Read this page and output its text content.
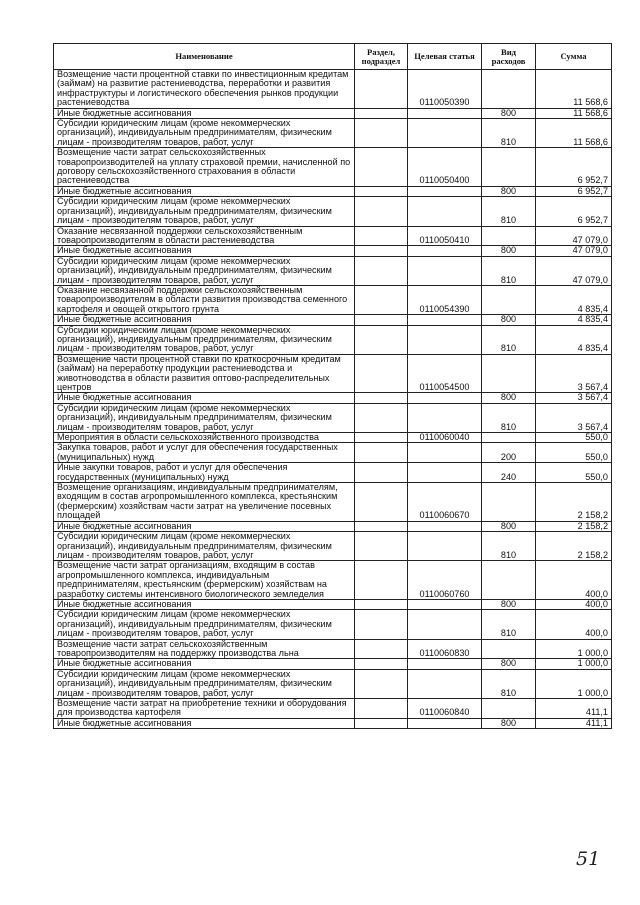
Наименование	Раздел, подраздел	Целевая статья	Вид расходов	Сумма
Возмещение части процентной ставки по инвестиционным кредитам (займам) на развитие растениеводства, переработки и развития инфраструктуры и логистического обеспечения рынков продукции растениеводства		0110050390		11 568,6
Иные бюджетные ассигнования			800	11 568,6
Субсидии юридическим лицам (кроме некоммерческих организаций), индивидуальным предпринимателям, физическим лицам - производителям товаров, работ, услуг			810	11 568,6
Возмещение части затрат сельскохозяйственных товаропроизводителей на уплату страховой премии, начисленной по договору сельскохозяйственного страхования в области растениеводства		0110050400		6 952,7
Иные бюджетные ассигнования			800	6 952,7
Субсидии юридическим лицам (кроме некоммерческих организаций), индивидуальным предпринимателям, физическим лицам - производителям товаров, работ, услуг			810	6 952,7
Оказание несвязанной поддержки сельскохозяйственным товаропроизводителям в области растениеводства		0110050410		47 079,0
Иные бюджетные ассигнования			800	47 079,0
Субсидии юридическим лицам (кроме некоммерческих организаций), индивидуальным предпринимателям, физическим лицам - производителям товаров, работ, услуг			810	47 079,0
Оказание несвязанной поддержки сельскохозяйственным товаропроизводителям в области развития производства семенного картофеля и овощей открытого грунта		0110054390		4 835,4
Иные бюджетные ассигнования			800	4 835,4
Субсидии юридическим лицам (кроме некоммерческих организаций), индивидуальным предпринимателям, физическим лицам - производителям товаров, работ, услуг			810	4 835,4
Возмещение части процентной ставки по краткосрочным кредитам (займам) на переработку продукции растениеводства и животноводства в области развития оптово-распределительных центров		0110054500		3 567,4
Иные бюджетные ассигнования			800	3 567,4
Субсидии юридическим лицам (кроме некоммерческих организаций), индивидуальным предпринимателям, физическим лицам - производителям товаров, работ, услуг			810	3 567,4
Мероприятия в области сельскохозяйственного производства		0110060040		550,0
Закупка товаров, работ и услуг для обеспечения государственных (муниципальных) нужд			200	550,0
Иные закупки товаров, работ и услуг для обеспечения государственных (муниципальных) нужд			240	550,0
Возмещение организациям, индивидуальным предпринимателям, входящим в состав агропромышленного комплекса, крестьянским (фермерским) хозяйствам части затрат на увеличение посевных площадей		0110060670		2 158,2
Иные бюджетные ассигнования			800	2 158,2
Субсидии юридическим лицам (кроме некоммерческих организаций), индивидуальным предпринимателям, физическим лицам - производителям товаров, работ, услуг			810	2 158,2
Возмещение части затрат организациям, входящим в состав агропромышленного комплекса, индивидуальным предпринимателям, крестьянским (фермерским) хозяйствам на разработку системы интенсивного биологического земледелия		0110060760		400,0
Иные бюджетные ассигнования			800	400,0
Субсидии юридическим лицам (кроме некоммерческих организаций), индивидуальным предпринимателям, физическим лицам - производителям товаров, работ, услуг			810	400,0
Возмещение части затрат сельскохозяйственным товаропроизводителям на поддержку производства льна		0110060830		1 000,0
Иные бюджетные ассигнования			800	1 000,0
Субсидии юридическим лицам (кроме некоммерческих организаций), индивидуальным предпринимателям, физическим лицам - производителям товаров, работ, услуг			810	1 000,0
Возмещение части затрат на приобретение техники и оборудования для производства картофеля		0110060840		411,1
Иные бюджетные ассигнования			800	411,1
51
